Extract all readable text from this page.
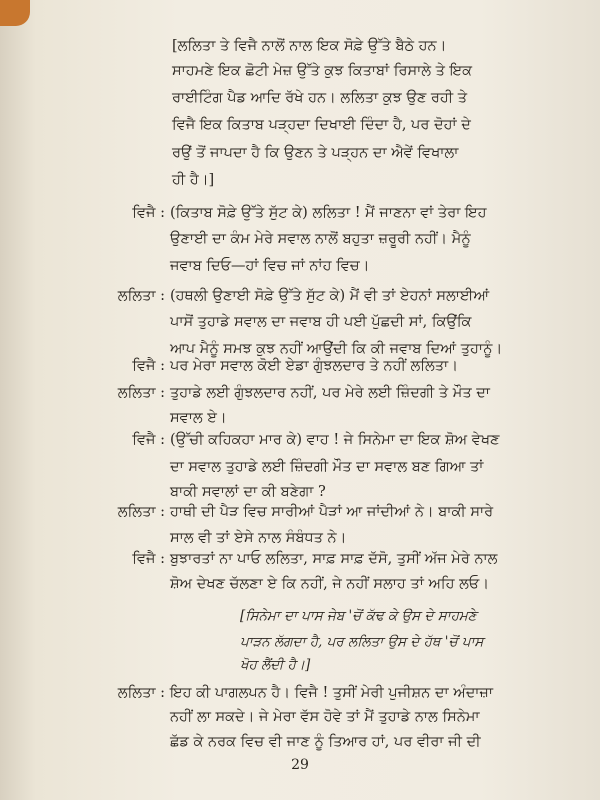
[ਲਲਿਤਾ ਤੇ ਵਿਜੈ ਨਾਲੋਂ ਨਾਲ ਇਕ ਸੋਫ਼ੇ ਉੱਤੇ ਬੈਠੇ ਹਨ।
ਸਾਹਮਣੇ ਇਕ ਛੋਟੀ ਮੇਜ਼ ਉੱਤੇ ਕੁਝ ਕਿਤਾਬਾਂ ਰਿਸਾਲੇ ਤੇ ਇਕ
ਰਾਈਟਿੰਗ ਪੈਡ ਆਦਿ ਰੱਖੇ ਹਨ। ਲਲਿਤਾ ਕੁਝ ਉਣ ਰਹੀ ਤੇ
ਵਿਜੈ ਇਕ ਕਿਤਾਬ ਪੜ੍ਹਦਾ ਦਿਖਾਈ ਦਿੰਦਾ ਹੈ, ਪਰ ਦੋਹਾਂ ਦੇ
ਰਉਂ ਤੋਂ ਜਾਪਦਾ ਹੈ ਕਿ ਉਣਨ ਤੇ ਪੜ੍ਹਨ ਦਾ ਐਵੇਂ ਵਿਖਾਲਾ
ਹੀ ਹੈ।]
ਵਿਜੈ : (ਕਿਤਾਬ ਸੋਫ਼ੇ ਉੱਤੇ ਸੁੱਟ ਕੇ) ਲਲਿਤਾ ! ਮੈਂ ਜਾਣਨਾ ਵਾਂ ਤੇਰਾ ਇਹ
ਉਣਾਈ ਦਾ ਕੰਮ ਮੇਰੇ ਸਵਾਲ ਨਾਲੋਂ ਬਹੁਤਾ ਜ਼ਰੂਰੀ ਨਹੀਂ। ਮੈਨੂੰ
ਜਵਾਬ ਦਿਓ—ਹਾਂ ਵਿਚ ਜਾਂ ਨਾਂਹ ਵਿਚ।
ਲਲਿਤਾ : (ਹਥਲੀ ਉਣਾਈ ਸੋਫ਼ੇ ਉੱਤੇ ਸੁੱਟ ਕੇ) ਮੈਂ ਵੀ ਤਾਂ ਏਹਨਾਂ ਸਲਾਈਆਂ
ਪਾਸੋਂ ਤੁਹਾਡੇ ਸਵਾਲ ਦਾ ਜਵਾਬ ਹੀ ਪਈ ਪੁੱਛਦੀ ਸਾਂ, ਕਿਉਂਕਿ
ਆਪ ਮੈਨੂੰ ਸਮਝ ਕੁਝ ਨਹੀਂ ਆਉਂਦੀ ਕਿ ਕੀ ਜਵਾਬ ਦਿਆਂ ਤੁਹਾਨੂੰ।
ਵਿਜੈ : ਪਰ ਮੇਰਾ ਸਵਾਲ ਕੋਈ ਏਡਾ ਗੁੰਝਲਦਾਰ ਤੇ ਨਹੀਂ ਲਲਿਤਾ।
ਲਲਿਤਾ : ਤੁਹਾਡੇ ਲਈ ਗੁੰਝਲਦਾਰ ਨਹੀਂ, ਪਰ ਮੇਰੇ ਲਈ ਜ਼ਿੰਦਗੀ ਤੇ ਮੌਤ ਦਾ
ਸਵਾਲ ਏ।
ਵਿਜੈ : (ਉੱਚੀ ਕਹਿਕਹਾ ਮਾਰ ਕੇ) ਵਾਹ ! ਜੇ ਸਿਨੇਮਾ ਦਾ ਇਕ ਸ਼ੋਅ ਵੇਖਣ
ਦਾ ਸਵਾਲ ਤੁਹਾਡੇ ਲਈ ਜ਼ਿੰਦਗੀ ਮੌਤ ਦਾ ਸਵਾਲ ਬਣ ਗਿਆ ਤਾਂ
ਬਾਕੀ ਸਵਾਲਾਂ ਦਾ ਕੀ ਬਣੇਗਾ ?
ਲਲਿਤਾ : ਹਾਥੀ ਦੀ ਪੈੜ ਵਿਚ ਸਾਰੀਆਂ ਪੈੜਾਂ ਆ ਜਾਂਦੀਆਂ ਨੇ। ਬਾਕੀ ਸਾਰੇ
ਸਾਲ ਵੀ ਤਾਂ ਏਸੇ ਨਾਲ ਸੰਬੰਧਤ ਨੇ।
ਵਿਜੈ : ਬੁਝਾਰਤਾਂ ਨਾ ਪਾਓ ਲਲਿਤਾ, ਸਾਫ਼ ਸਾਫ਼ ਦੱਸੋ, ਤੁਸੀਂ ਅੱਜ ਮੇਰੇ ਨਾਲ
ਸ਼ੋਅ ਦੇਖਣ ਚੱਲਣਾ ਏ ਕਿ ਨਹੀਂ, ਜੇ ਨਹੀਂ ਸਲਾਹ ਤਾਂ ਅਹਿ ਲਓ।
[ਸਿਨੇਮਾ ਦਾ ਪਾਸ ਜੇਬ 'ਚੋਂ ਕੱਢ ਕੇ ਉਸ ਦੇ ਸਾਹਮਣੇ
ਪਾੜਨ ਲੱਗਦਾ ਹੈ, ਪਰ ਲਲਿਤਾ ਉਸ ਦੇ ਹੱਥ 'ਚੋਂ ਪਾਸ
ਖੋਹ ਲੈਂਦੀ ਹੈ।]
ਲਲਿਤਾ : ਇਹ ਕੀ ਪਾਗਲਪਨ ਹੈ। ਵਿਜੈ ! ਤੁਸੀਂ ਮੇਰੀ ਪੁਜੀਸ਼ਨ ਦਾ ਅੰਦਾਜ਼ਾ
ਨਹੀਂ ਲਾ ਸਕਦੇ। ਜੇ ਮੇਰਾ ਵੱਸ ਹੋਵੇ ਤਾਂ ਮੈਂ ਤੁਹਾਡੇ ਨਾਲ ਸਿਨੇਮਾ
ਛੱਡ ਕੇ ਨਰਕ ਵਿਚ ਵੀ ਜਾਣ ਨੂੰ ਤਿਆਰ ਹਾਂ, ਪਰ ਵੀਰਾ ਜੀ ਦੀ
29
